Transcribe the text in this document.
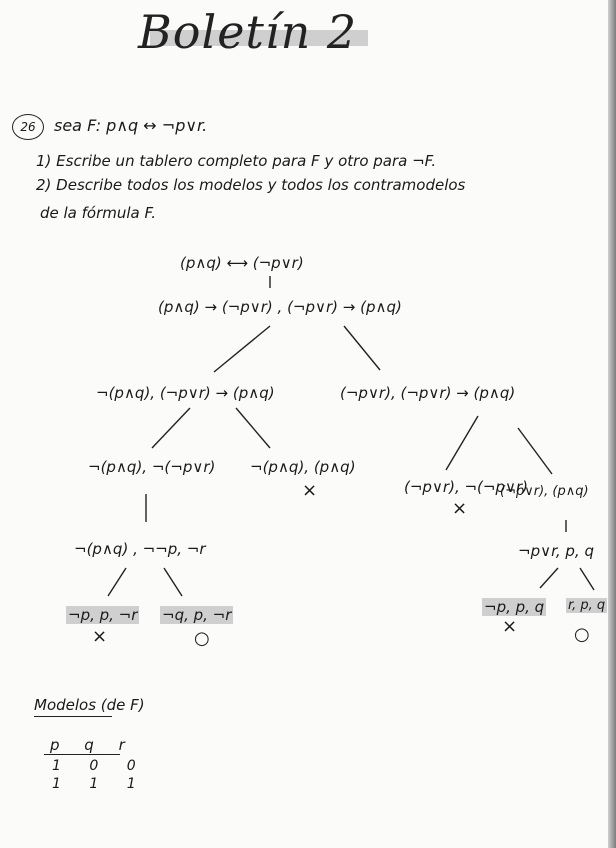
Boletín 2
26	sea F: p∧q ↔ ¬p∨r.
1) Escribe un tablero completo para F y otro para ¬F.
2) Describe todos los modelos y todos los contramodelos
de la fórmula F.
(p∧q) ⟷ (¬p∨r)
(p∧q) → (¬p∨r) , (¬p∨r) → (p∧q)
¬(p∧q), (¬p∨r) → (p∧q)	(¬p∨r), (¬p∨r) → (p∧q)
¬(p∧q), ¬(¬p∨r) ¬(p∧q), (p∧q)
×	(¬p∨r), ¬(¬p∨r)
×
(¬p∨r), (p∧q)
¬(p∧q) , ¬¬p, ¬r	¬p∨r, p, q
¬p, p, ¬r
×
¬q, p, ¬r
○
¬p, p, q
×
r, p, q
○
Modelos (de F)
p q r
1 0 0
1 1 1
